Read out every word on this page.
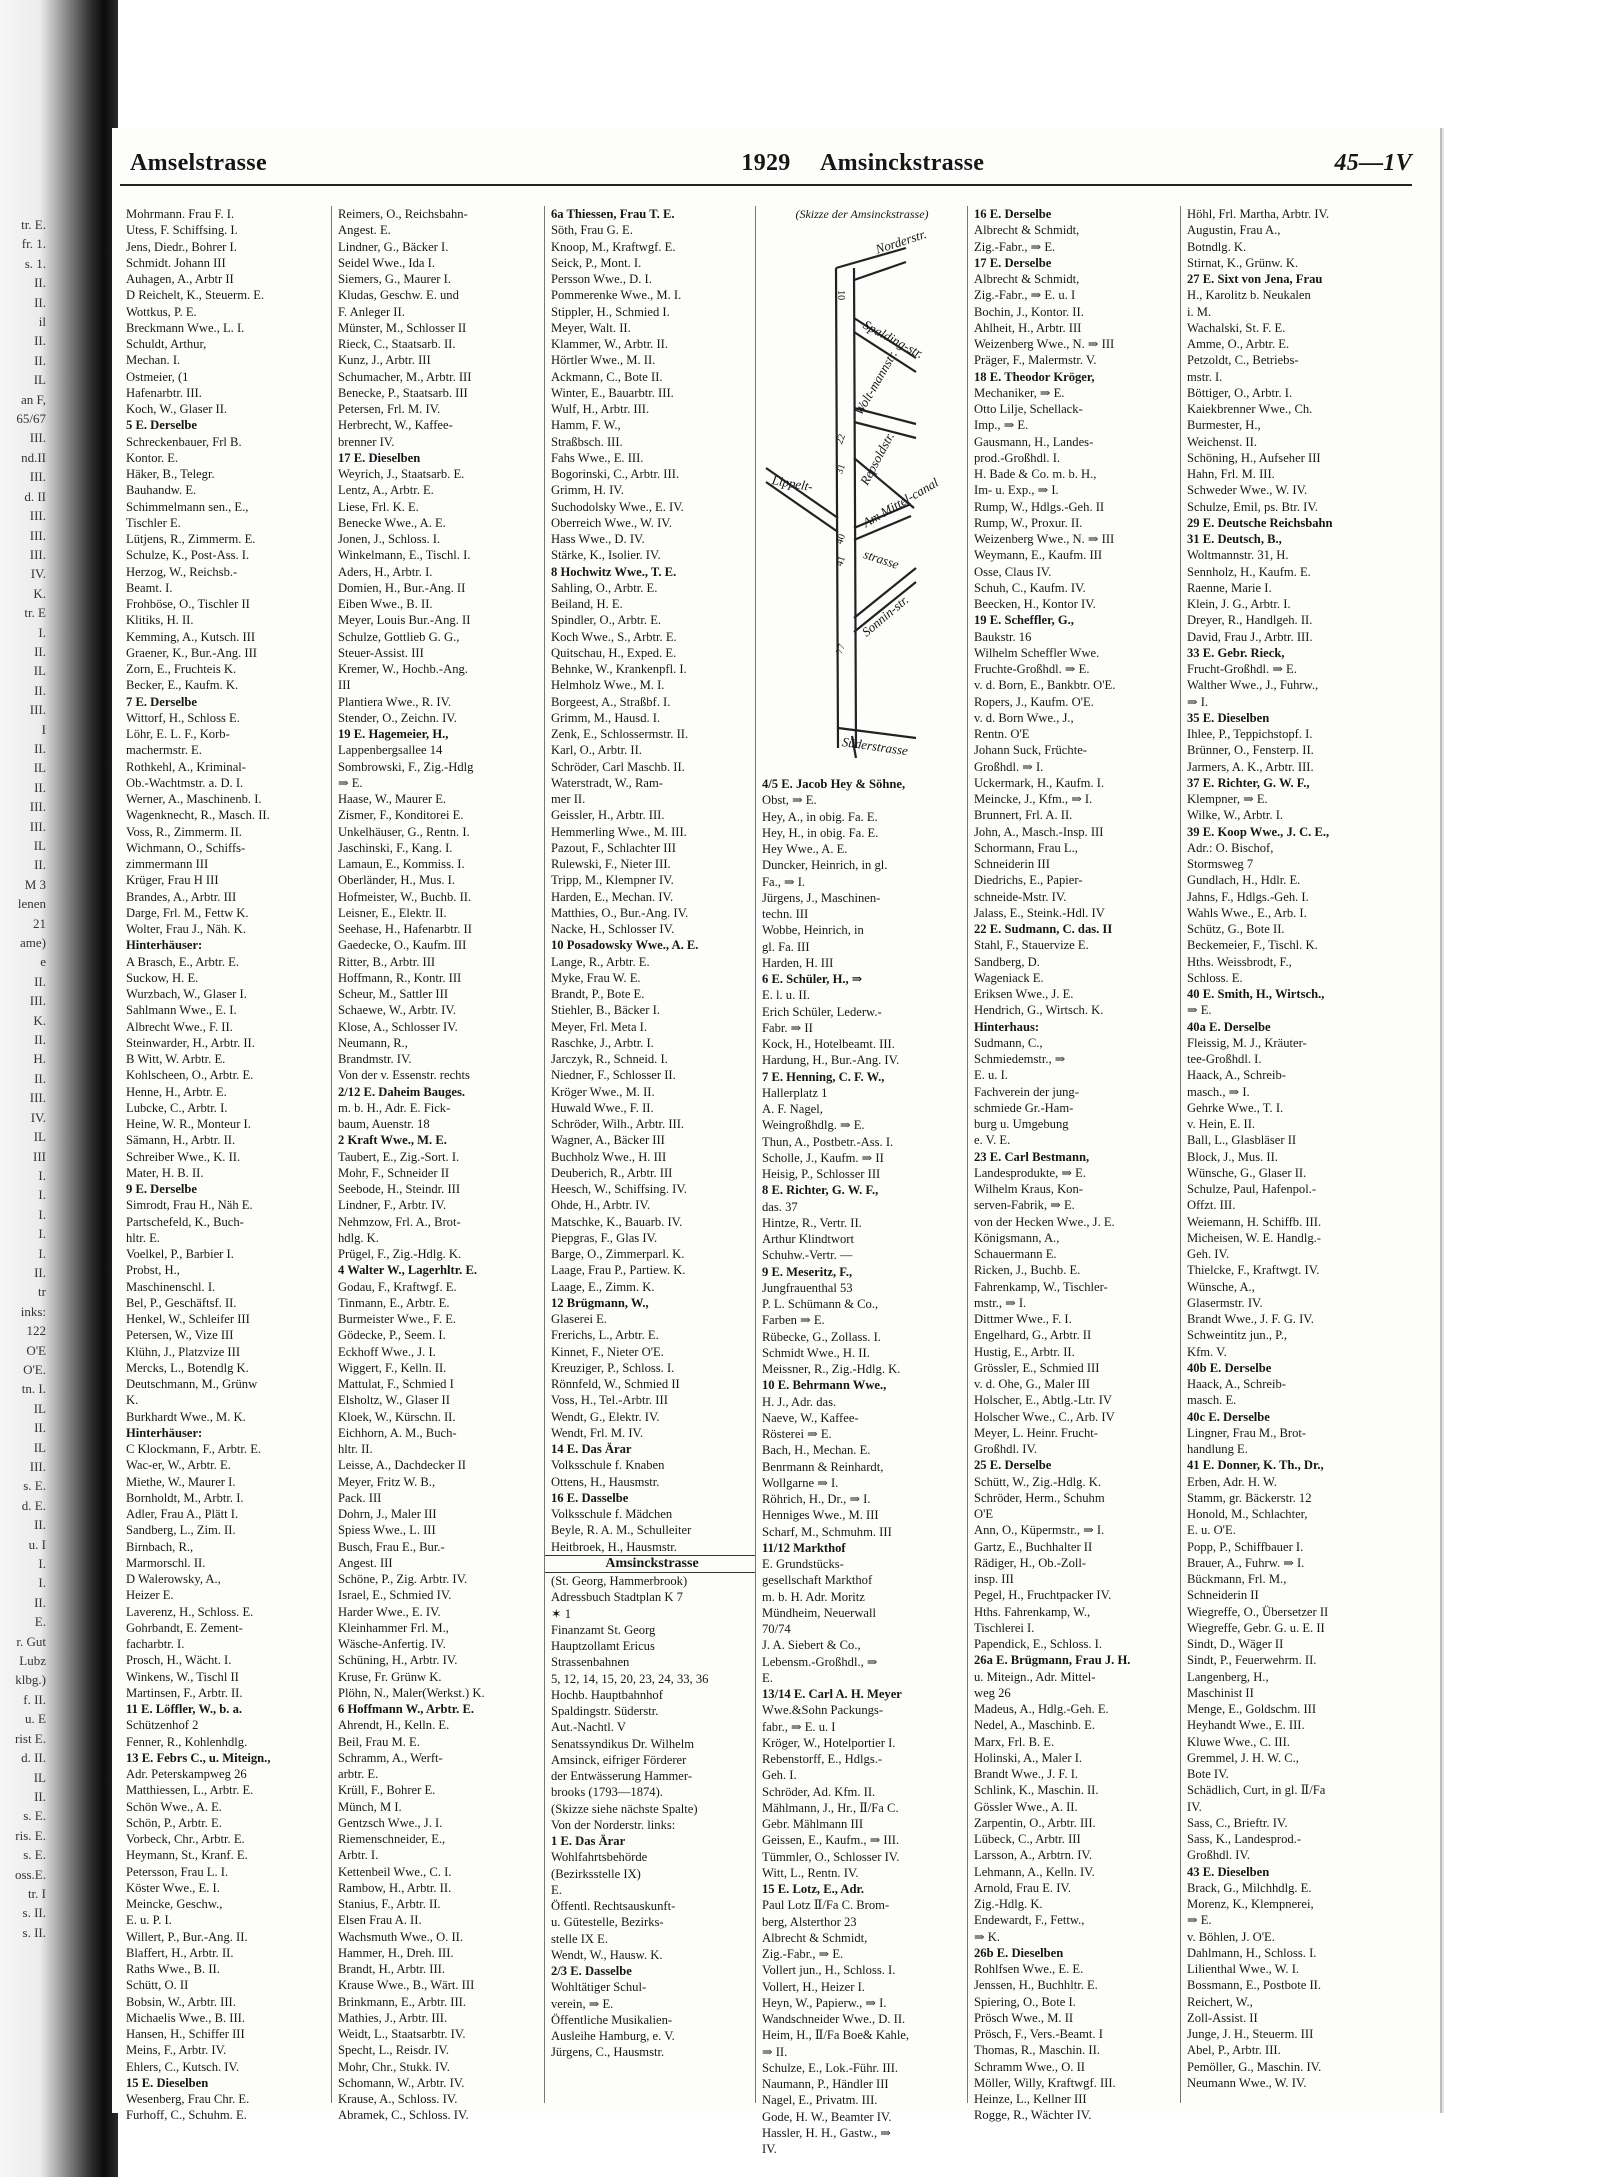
tr. E.
fr. 1.
s. 1.
II.
II.
il
II.
II.
IL
an F,
65/67
III.
nd.II
III.
d. II
III.
III.
III.
IV.
K.
tr. E
I.
II.
IL
II.
III.
I
II.
IL
II.
III.
III.
IL
II.
M 3
lenen
21
ame)
e
II.
III.
K.
II.
H.
II.
III.
IV.
IL
III
I.
I.
I.
I.
I.
II.
tr
inks:
122
O'E
O'E.
tn. I.
IL
II.
IL
III.
s. E.
d. E.
II.
u. I
I.
I.
II.
E.
r. Gut
Lubz
klbg.)
f. II.
u. E
rist E.
d. II.
IL
II.
s. E.
ris. E.
s. E.
oss.E.
tr. I
s. II.
s. II.
Amselstrasse	1929	Amsinckstrasse	45—1V
Mohrmann. Frau F. I.
Utess, F. Schiffsing. I.
Jens, Diedr., Bohrer I.
Schmidt. Johann III
Auhagen, A., Arbtr II
D Reichelt, K., Steuerm. E.
Wottkus, P. E.
Breckmann Wwe., L. I.
Schuldt, Arthur,
Mechan. I.
Ostmeier, (1
Hafenarbtr. III.
Koch, W., Glaser II.
5 E. Derselbe
Schreckenbauer, Frl B.
Kontor. E.
Häker, B., Telegr.
Bauhandw. E.
Schimmelmann sen., E.,
Tischler E.
Lütjens, R., Zimmerm. E.
Schulze, K., Post-Ass. I.
Herzog, W., Reichsb.-
Beamt. I.
Frohböse, O., Tischler II
Klitiks, H. II.
Kemming, A., Kutsch. III
Graener, K., Bur.-Ang. III
Zorn, E., Fruchteis K.
Becker, E., Kaufm. K.
7 E. Derselbe
Wittorf, H., Schloss E.
Löhr, E. L. F., Korb-
machermstr. E.
Rothkehl, A., Kriminal-
Ob.-Wachtmstr. a. D. I.
Werner, A., Maschinenb. I.
Wagenknecht, R., Masch. II.
Voss, R., Zimmerm. II.
Wichmann, O., Schiffs-
zimmermann III
Krüger, Frau H III
Brandes, A., Arbtr. III
Darge, Frl. M., Fettw K.
Wolter, Frau J., Näh. K.
Hinterhäuser:
A Brasch, E., Arbtr. E.
Suckow, H. E.
Wurzbach, W., Glaser I.
Sahlmann Wwe., E. I.
Albrecht Wwe., F. II.
Steinwarder, H., Arbtr. II.
B Witt, W. Arbtr. E.
Kohlscheen, O., Arbtr. E.
Henne, H., Arbtr. E.
Lubcke, C., Arbtr. I.
Heine, W. R., Monteur I.
Sämann, H., Arbtr. II.
Schreiber Wwe., K. II.
Mater, H. B. II.
9 E. Derselbe
Simrodt, Frau H., Näh E.
Partschefeld, K., Buch-
hltr. E.
Voelkel, P., Barbier I.
Probst, H.,
Maschinenschl. I.
Bel, P., Geschäftsf. II.
Henkel, W., Schleifer III
Petersen, W., Vize III
Klühn, J., Platzvize III
Mercks, L., Botendlg K.
Deutschmann, M., Grünw
K.
Burkhardt Wwe., M. K.
Hinterhäuser:
C Klockmann, F., Arbtr. E.
Wac‑er, W., Arbtr. E.
Miethe, W., Maurer I.
Bornholdt, M., Arbtr. I.
Adler, Frau A., Plätt I.
Sandberg, L., Zim. II.
Birnbach, R.,
Marmorschl. II.
D Walerowsky, A.,
Heizer E.
Laverenz, H., Schloss. E.
Gohrbandt, E. Zement-
facharbtr. I.
Prosch, H., Wächt. I.
Winkens, W., Tischl II
Martinsen, F., Arbtr. II.
11 E. Löffler, W., b. a.
Schützenhof 2
Fenner, R., Kohlenhdlg.
13 E. Febrs C., u. Miteign.,
Adr. Peterskampweg 26
Matthiessen, L., Arbtr. E.
Schön Wwe., A. E.
Schön, P., Arbtr. E.
Vorbeck, Chr., Arbtr. E.
Heymann, St., Kranf. E.
Petersson, Frau L. I.
Köster Wwe., E. I.
Meincke, Geschw.,
E. u. P. I.
Willert, P., Bur.-Ang. II.
Blaffert, H., Arbtr. II.
Raths Wwe., B. II.
Schütt, O. II
Bobsin, W., Arbtr. III.
Michaelis Wwe., B. III.
Hansen, H., Schiffer III
Meins, F., Arbtr. IV.
Ehlers, C., Kutsch. IV.
15 E. Dieselben
Wesenberg, Frau Chr. E.
Furhoff, C., Schuhm. E.
Reimers, O., Reichsbahn-
Angest. E.
Lindner, G., Bäcker I.
Seidel Wwe., Ida I.
Siemers, G., Maurer I.
Kludas, Geschw. E. und
F. Anleger II.
Münster, M., Schlosser II
Rieck, C., Staatsarb. II.
Kunz, J., Arbtr. III
Schumacher, M., Arbtr. III
Benecke, P., Staatsarb. III
Petersen, Frl. M. IV.
Herbrecht, W., Kaffee-
brenner IV.
17 E. Dieselben
Weyrich, J., Staatsarb. E.
Lentz, A., Arbtr. E.
Liese, Frl. K. E.
Benecke Wwe., A. E.
Jonen, J., Schloss. I.
Winkelmann, E., Tischl. I.
Aders, H., Arbtr. I.
Domien, H., Bur.-Ang. II
Eiben Wwe., B. II.
Meyer, Louis Bur.-Ang. II
Schulze, Gottlieb G. G.,
Steuer-Assist. III
Kremer, W., Hochb.-Ang.
III
Plantiera Wwe., R. IV.
Stender, O., Zeichn. IV.
19 E. Hagemeier, H.,
Lappenbergsallee 14
Sombrowski, F., Zig.-Hdlg
⇒ E.
Haase, W., Maurer E.
Zismer, F., Konditorei E.
Unkelhäuser, G., Rentn. I.
Jaschinski, F., Kang. I.
Lamaun, E., Kommiss. I.
Oberländer, H., Mus. I.
Hofmeister, W., Buchb. II.
Leisner, E., Elektr. II.
Seehase, H., Hafenarbtr. II
Gaedecke, O., Kaufm. III
Ritter, B., Arbtr. III
Hoffmann, R., Kontr. III
Scheur, M., Sattler III
Schaewe, W., Arbtr. IV.
Klose, A., Schlosser IV.
Neumann, R.,
Brandmstr. IV.
Von der v. Essenstr. rechts
2/12 E. Daheim Bauges.
m. b. H., Adr. E. Fick-
baum, Auenstr. 18
2 Kraft Wwe., M. E.
Taubert, E., Zig.-Sort. I.
Mohr, F., Schneider II
Seebode, H., Steindr. III
Lindner, F., Arbtr. IV.
Nehmzow, Frl. A., Brot-
hdlg. K.
Prügel, F., Zig.-Hdlg. K.
4 Walter W., Lagerhltr. E.
Godau, F., Kraftwgf. E.
Tinmann, E., Arbtr. E.
Burmeister Wwe., F. E.
Gödecke, P., Seem. I.
Eckhoff Wwe., J. I.
Wiggert, F., Kelln. II.
Mattulat, F., Schmied I
Elsholtz, W., Glaser II
Kloek, W., Kürschn. II.
Eichhorn, A. M., Buch-
hltr. II.
Leisse, A., Dachdecker II
Meyer, Fritz W. B.,
Pack. III
Dohrn, J., Maler III
Spiess Wwe., L. III
Busch, Frau E., Bur.-
Angest. III
Schöne, P., Zig. Arbtr. IV.
Israel, E., Schmied IV.
Harder Wwe., E. IV.
Kleinhammer Frl. M.,
Wäsche-Anfertig. IV.
Schüning, H., Arbtr. IV.
Kruse, Fr. Grünw K.
Plöhn, N., Maler(Werkst.) K.
6 Hoffmann W., Arbtr. E.
Ahrendt, H., Kelln. E.
Beil, Frau M. E.
Schramm, A., Werft-
arbtr. E.
Krüll, F., Bohrer E.
Münch, M I.
Gentzsch Wwe., J. I.
Riemenschneider, E.,
Arbtr. I.
Kettenbeil Wwe., C. I.
Rambow, H., Arbtr. II.
Stanius, F., Arbtr. II.
Elsen Frau A. II.
Wachsmuth Wwe., O. II.
Hammer, H., Dreh. III.
Brandt, H., Arbtr. III.
Krause Wwe., B., Wärt. III
Brinkmann, E., Arbtr. III.
Mathies, J., Arbtr. III.
Weidt, L., Staatsarbtr. IV.
Specht, L., Reisdr. IV.
Mohr, Chr., Stukk. IV.
Schomann, W., Arbtr. IV.
Krause, A., Schloss. IV.
Abramek, C., Schloss. IV.
6a Thiessen, Frau T. E.
Söth, Frau G. E.
Knoop, M., Kraftwgf. E.
Seick, P., Mont. I.
Persson Wwe., D. I.
Pommerenke Wwe., M. I.
Stippler, H., Schmied I.
Meyer, Walt. II.
Klammer, W., Arbtr. II.
Hörtler Wwe., M. II.
Ackmann, C., Bote II.
Winter, E., Bauarbtr. III.
Wulf, H., Arbtr. III.
Hamm, F. W.,
Straßbsch. III.
Fahs Wwe., E. III.
Bogorinski, C., Arbtr. III.
Grimm, H. IV.
Suchodolsky Wwe., E. IV.
Oberreich Wwe., W. IV.
Hass Wwe., D. IV.
Stärke, K., Isolier. IV.
8 Hochwitz Wwe., T. E.
Sahling, O., Arbtr. E.
Beiland, H. E.
Spindler, O., Arbtr. E.
Koch Wwe., S., Arbtr. E.
Quitschau, H., Exped. E.
Behnke, W., Krankenpfl. I.
Helmholz Wwe., M. I.
Borgeest, A., Straßbf. I.
Grimm, M., Hausd. I.
Zenk, E., Schlossermstr. II.
Karl, O., Arbtr. II.
Schröder, Carl Maschb. II.
Waterstradt, W., Ram-
mer II.
Geissler, H., Arbtr. III.
Hemmerling Wwe., M. III.
Pazout, F., Schlachter III
Rulewski, F., Nieter III.
Tripp, M., Klempner IV.
Harden, E., Mechan. IV.
Matthies, O., Bur.-Ang. IV.
Nacke, H., Schlosser IV.
10 Posadowsky Wwe., A. E.
Lange, R., Arbtr. E.
Myke, Frau W. E.
Brandt, P., Bote E.
Stiehler, B., Bäcker I.
Meyer, Frl. Meta I.
Raschke, J., Arbtr. I.
Jarczyk, R., Schneid. I.
Niedner, F., Schlosser II.
Kröger Wwe., M. II.
Huwald Wwe., F. II.
Schröder, Wilh., Arbtr. III.
Wagner, A., Bäcker III
Buchholz Wwe., H. III
Deuberich, R., Arbtr. III
Heesch, W., Schiffsing. IV.
Ohde, H., Arbtr. IV.
Matschke, K., Bauarb. IV.
Piepgras, F., Glas IV.
Barge, O., Zimmerparl. K.
Laage, Frau P., Partiew. K.
Laage, E., Zimm. K.
12 Brügmann, W.,
Glaserei E.
Frerichs, L., Arbtr. E.
Kinnet, F., Nieter O'E.
Kreuziger, P., Schloss. I.
Rönnfeld, W., Schmied II
Voss, H., Tel.-Arbtr. III
Wendt, G., Elektr. IV.
Wendt, Frl. M. IV.
14 E. Das Ärar
Volksschule f. Knaben
Ottens, H., Hausmstr.
16 E. Dasselbe
Volksschule f. Mädchen
Beyle, R. A. M., Schulleiter
Heitbroek, H., Hausmstr.
Amsinckstrasse
(St. Georg, Hammerbrook)
Adressbuch Stadtplan K 7
✶ 1
Finanzamt St. Georg
Hauptzollamt Ericus
Strassenbahnen
5, 12, 14, 15, 20, 23, 24, 33, 36
Hochb. Hauptbahnhof
Spaldingstr. Süderstr.
Aut.-Nachtl. V
Senatssyndikus Dr. Wilhelm
Amsinck, eifriger Förderer
der Entwässerung Hammer-
brooks (1793—1874).
(Skizze siehe nächste Spalte)
Von der Norderstr. links:
1 E. Das Ärar
Wohlfahrtsbehörde
(Bezirksstelle IX)
E.
Öffentl. Rechtsauskunft-
u. Gütestelle, Bezirks-
stelle IX E.
Wendt, W., Hausw. K.
2/3 E. Dasselbe
Wohltätiger Schul-
verein, ⇒ E.
Öffentliche Musikalien-
Ausleihe Hamburg, e. V.
Jürgens, C., Hausmstr.
(Skizze der Amsinckstrasse)
Norderstr.
Spalding-str.
Wolt-mannstr.
Repsoldstr.
Am Mittel-canal
Lippelt-
strasse
Sonnin-str.
Süderstrasse
10
22
31
40
41
77
4/5 E. Jacob Hey & Söhne,
Obst, ⇒ E.
Hey, A., in obig. Fa. E.
Hey, H., in obig. Fa. E.
Hey Wwe., A. E.
Duncker, Heinrich, in gl.
Fa., ⇒ I.
Jürgens, J., Maschinen-
techn. III
Wobbe, Heinrich, in
gl. Fa. III
Harden, H. III
6 E. Schüler, H., ⇒
E. l. u. II.
Erich Schüler, Lederw.-
Fabr. ⇒ II
Kock, H., Hotelbeamt. III.
Hardung, H., Bur.-Ang. IV.
7 E. Henning, C. F. W.,
Hallerplatz 1
A. F. Nagel,
Weingroßhdlg. ⇒ E.
Thun, A., Postbetr.-Ass. I.
Scholle, J., Kaufm. ⇒ II
Heisig, P., Schlosser III
8 E. Richter, G. W. F.,
das. 37
Hintze, R., Vertr. II.
Arthur Klindtwort
Schuhw.-Vertr. —
9 E. Meseritz, F.,
Jungfrauenthal 53
P. L. Schümann & Co.,
Farben ⇒ E.
Rübecke, G., Zollass. I.
Schmidt Wwe., H. II.
Meissner, R., Zig.-Hdlg. K.
10 E. Behrmann Wwe.,
H. J., Adr. das.
Naeve, W., Kaffee-
Rösterei ⇒ E.
Bach, H., Mechan. E.
Benrmann & Reinhardt,
Wollgarne ⇒ I.
Röhrich, H., Dr., ⇒ I.
Henniges Wwe., M. III
Scharf, M., Schmuhm. III
11/12 Markthof
E. Grundstücks-
gesellschaft Markthof
m. b. H. Adr. Moritz
Mündheim, Neuerwall
70/74
J. A. Siebert & Co.,
Lebensm.-Großhdl., ⇒
E.
13/14 E. Carl A. H. Meyer
Wwe.&Sohn Packungs-
fabr., ⇒ E. u. I
Kröger, W., Hotelportier I.
Rebenstorff, E., Hdlgs.-
Geh. I.
Schröder, Ad. Kfm. II.
Mählmann, J., Hr., Ⅱ/Fa C.
Gebr. Mählmann III
Geissen, E., Kaufm., ⇒ III.
Tümmler, O., Schlosser IV.
Witt, L., Rentn. IV.
15 E. Lotz, E., Adr.
Paul Lotz Ⅱ/Fa C. Brom-
berg, Alsterthor 23
Albrecht & Schmidt,
Zig.-Fabr., ⇒ E.
Vollert jun., H., Schloss. I.
Vollert, H., Heizer I.
Heyn, W., Papierw., ⇒ I.
Wandschneider Wwe., D. II.
Heim, H., Ⅱ/Fa Boe& Kahle,
⇒ II.
Schulze, E., Lok.-Führ. III.
Naumann, P., Händler III
Nagel, E., Privatm. III.
Gode, H. W., Beamter IV.
Hassler, H. H., Gastw., ⇒
IV.
16 E. Derselbe
Albrecht & Schmidt,
Zig.-Fabr., ⇒ E.
17 E. Derselbe
Albrecht & Schmidt,
Zig.-Fabr., ⇒ E. u. I
Bochin, J., Kontor. II.
Ahlheit, H., Arbtr. III
Weizenberg Wwe., N. ⇒ III
Präger, F., Malermstr. V.
18 E. Theodor Kröger,
Mechaniker, ⇒ E.
Otto Lilje, Schellack-
Imp., ⇒ E.
Gausmann, H., Landes-
prod.-Großhdl. I.
H. Bade & Co. m. b. H.,
Im- u. Exp., ⇒ I.
Rump, W., Hdlgs.-Geh. II
Rump, W., Proxur. II.
Weizenberg Wwe., N. ⇒ III
Weymann, E., Kaufm. III
Osse, Claus IV.
Schuh, C., Kaufm. IV.
Beecken, H., Kontor IV.
19 E. Scheffler, G.,
Baukstr. 16
Wilhelm Scheffler Wwe.
Fruchte-Großhdl. ⇒ E.
v. d. Born, E., Bankbtr. O'E.
Ropers, J., Kaufm. O'E.
v. d. Born Wwe., J.,
Rentn. O'E
Johann Suck, Früchte-
Großhdl. ⇒ I.
Uckermark, H., Kaufm. I.
Meincke, J., Kfm., ⇒ I.
Brunnert, Frl. A. II.
John, A., Masch.-Insp. III
Schormann, Frau L.,
Schneiderin III
Diedrichs, E., Papier-
schneide-Mstr. IV.
Jalass, E., Steink.-Hdl. IV
22 E. Sudmann, C. das. II
Stahl, F., Stauervize E.
Sandberg, D.
Wageniack E.
Eriksen Wwe., J. E.
Hendrich, G., Wirtsch. K.
Hinterhaus:
Sudmann, C.,
Schmiedemstr., ⇒
E. u. I.
Fachverein der jung-
schmiede Gr.-Ham-
burg u. Umgebung
e. V. E.
23 E. Carl Bestmann,
Landesprodukte, ⇒ E.
Wilhelm Kraus, Kon-
serven-Fabrik, ⇒ E.
von der Hecken Wwe., J. E.
Königsmann, A.,
Schauermann E.
Ricken, J., Buchb. E.
Fahrenkamp, W., Tischler-
mstr., ⇒ I.
Dittmer Wwe., F. I.
Engelhard, G., Arbtr. II
Hustig, E., Arbtr. II.
Grössler, E., Schmied III
v. d. Ohe, G., Maler III
Holscher, E., Abtlg.-Ltr. IV
Holscher Wwe., C., Arb. IV
Meyer, L. Heinr. Frucht-
Großhdl. IV.
25 E. Derselbe
Schütt, W., Zig.-Hdlg. K.
Schröder, Herm., Schuhm
O'E
Ann, O., Küpermstr., ⇒ I.
Gartz, E., Buchhalter II
Rädiger, H., Ob.-Zoll-
insp. III
Pegel, H., Fruchtpacker IV.
Hths. Fahrenkamp, W.,
Tischlerei I.
Papendick, E., Schloss. I.
26a E. Brügmann, Frau J. H.
u. Miteign., Adr. Mittel-
weg 26
Madeus, A., Hdlg.-Geh. E.
Nedel, A., Maschinb. E.
Marx, Frl. B. E.
Holinski, A., Maler I.
Brandt Wwe., J. F. I.
Schlink, K., Maschin. II.
Gössler Wwe., A. II.
Zarpentin, O., Arbtr. III.
Lübeck, C., Arbtr. III
Larsson, A., Arbtrn. IV.
Lehmann, A., Kelln. IV.
Arnold, Frau E. IV.
Zig.-Hdlg. K.
Endewardt, F., Fettw.,
⇒ K.
26b E. Dieselben
Rohlfsen Wwe., E. E.
Jenssen, H., Buchhltr. E.
Spiering, O., Bote I.
Prösch Wwe., M. II
Prösch, F., Vers.-Beamt. I
Thomas, R., Maschin. II.
Schramm Wwe., O. II
Möller, Willy, Kraftwgf. III.
Heinze, L., Kellner III
Rogge, R., Wächter IV.
Höhl, Frl. Martha, Arbtr. IV.
Augustin, Frau A.,
Botndlg. K.
Stirnat, K., Grünw. K.
27 E. Sixt von Jena, Frau
H., Karolitz b. Neukalen
i. M.
Wachalski, St. F. E.
Amme, O., Arbtr. E.
Petzoldt, C., Betriebs-
mstr. I.
Böttiger, O., Arbtr. I.
Kaiekbrenner Wwe., Ch.
Burmester, H.,
Weichenst. II.
Schöning, H., Aufseher III
Hahn, Frl. M. III.
Schweder Wwe., W. IV.
Schulze, Emil, ps. Btr. IV.
29 E. Deutsche Reichsbahn
31 E. Deutsch, B.,
Woltmannstr. 31, H.
Sennholz, H., Kaufm. E.
Raenne, Marie I.
Klein, J. G., Arbtr. I.
Dreyer, R., Handlgeh. II.
David, Frau J., Arbtr. III.
33 E. Gebr. Rieck,
Frucht-Großhdl. ⇒ E.
Walther Wwe., J., Fuhrw.,
⇒ I.
35 E. Dieselben
Ihlee, P., Teppichstopf. I.
Brünner, O., Fensterp. II.
Jarmers, A. K., Arbtr. III.
37 E. Richter, G. W. F.,
Klempner, ⇒ E.
Wilke, W., Arbtr. I.
39 E. Koop Wwe., J. C. E.,
Adr.: O. Bischof,
Stormsweg 7
Gundlach, H., Hdlr. E.
Jahns, F., Hdlgs.-Geh. I.
Wahls Wwe., E., Arb. I.
Schütz, G., Bote II.
Beckemeier, F., Tischl. K.
Hths. Weissbrodt, F.,
Schloss. E.
40 E. Smith, H., Wirtsch.,
⇒ E.
40a E. Derselbe
Fleissig, M. J., Kräuter-
tee-Großhdl. I.
Haack, A., Schreib-
masch., ⇒ I.
Gehrke Wwe., T. I.
v. Hein, E. II.
Ball, L., Glasbläser II
Block, J., Mus. II.
Wünsche, G., Glaser II.
Schulze, Paul, Hafenpol.-
Offzt. III.
Weiemann, H. Schiffb. III.
Micheisen, W. E. Handlg.-
Geh. IV.
Thielcke, F., Kraftwgt. IV.
Wünsche, A.,
Glasermstr. IV.
Brandt Wwe., J. F. G. IV.
Schweintitz jun., P.,
Kfm. V.
40b E. Derselbe
Haack, A., Schreib-
masch. E.
40c E. Derselbe
Lingner, Frau M., Brot-
handlung E.
41 E. Donner, K. Th., Dr.,
Erben, Adr. H. W.
Stamm, gr. Bäckerstr. 12
Honold, M., Schlachter,
E. u. O'E.
Popp, P., Schiffbauer I.
Brauer, A., Fuhrw. ⇒ I.
Bückmann, Frl. M.,
Schneiderin II
Wiegreffe, O., Übersetzer II
Wiegreffe, Gebr. G. u. E. II
Sindt, D., Wäger II
Sindt, P., Feuerwehrm. II.
Langenberg, H.,
Maschinist II
Menge, E., Goldschm. III
Heyhandt Wwe., E. III.
Kluwe Wwe., C. III.
Gremmel, J. H. W. C.,
Bote IV.
Schädlich, Curt, in gl. Ⅱ/Fa
IV.
Sass, C., Brieftr. IV.
Sass, K., Landesprod.-
Großhdl. IV.
43 E. Dieselben
Brack, G., Milchhdlg. E.
Morenz, K., Klempnerei,
⇒ E.
v. Böhlen, J. O'E.
Dahlmann, H., Schloss. I.
Lilienthal Wwe., W. I.
Bossmann, E., Postbote II.
Reichert, W.,
Zoll-Assist. II
Junge, J. H., Steuerm. III
Abel, P., Arbtr. III.
Pemöller, G., Maschin. IV.
Neumann Wwe., W. IV.
